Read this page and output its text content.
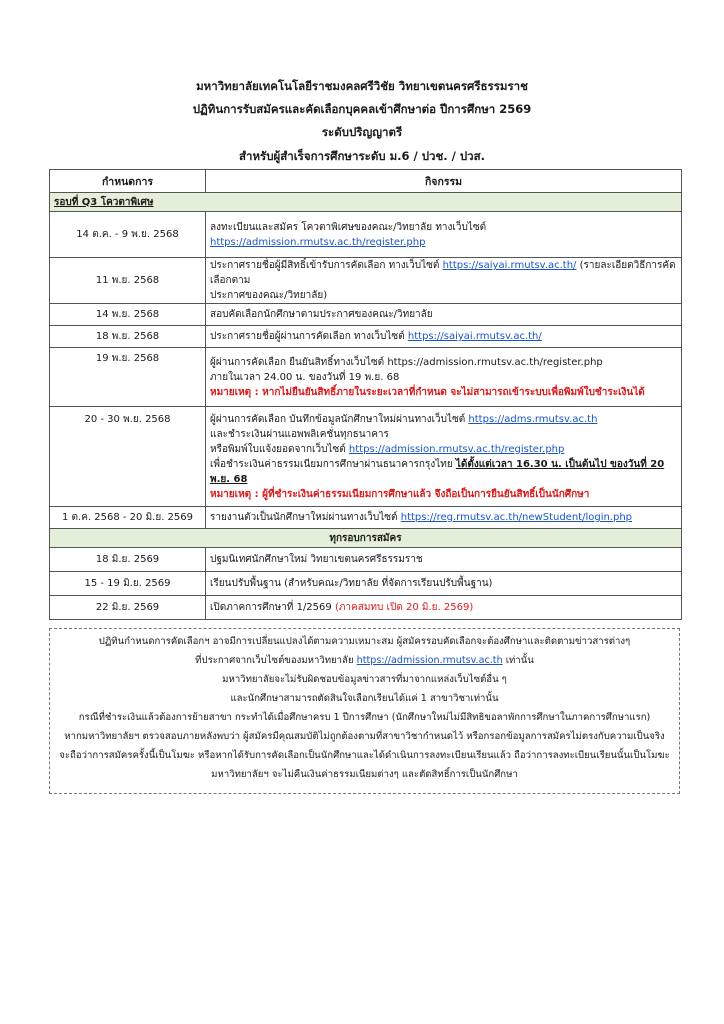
มหาวิทยาลัยเทคโนโลยีราชมงคลศรีวิชัย วิทยาเขตนครศรีธรรมราช
ปฏิทินการรับสมัครและคัดเลือกบุคคลเข้าศึกษาต่อ ปีการศึกษา 2569
ระดับปริญญาตรี
สำหรับผู้สำเร็จการศึกษาระดับ ม.6 / ปวช. / ปวส.
กำหนดการ	กิจกรรม
รอบที่ Q3 โควตาพิเศษ	
14 ต.ค. - 9 พ.ย. 2568	ลงทะเบียนและสมัคร โควตาพิเศษของคณะ/วิทยาลัย ทางเว็บไซต์ https://admission.rmutsv.ac.th/register.php
11 พ.ย. 2568	ประกาศรายชื่อผู้มีสิทธิ์เข้ารับการคัดเลือก ทางเว็บไซต์ https://saiyai.rmutsv.ac.th/ (รายละเอียดวิธีการคัดเลือกตาม
ประกาศของคณะ/วิทยาลัย)
14 พ.ย. 2568	สอบคัดเลือกนักศึกษาตามประกาศของคณะ/วิทยาลัย
18 พ.ย. 2568	ประกาศรายชื่อผู้ผ่านการคัดเลือก ทางเว็บไซต์ https://saiyai.rmutsv.ac.th/
19 พ.ย. 2568	ผู้ผ่านการคัดเลือก ยืนยันสิทธิ์ทางเว็บไซต์ https://admission.rmutsv.ac.th/register.php
ภายในเวลา 24.00 น. ของวันที่ 19 พ.ย. 68
หมายเหตุ : หากไม่ยืนยันสิทธิ์ภายในระยะเวลาที่กำหนด จะไม่สามารถเข้าระบบเพื่อพิมพ์ใบชำระเงินได้
20 - 30 พ.ย. 2568	ผู้ผ่านการคัดเลือก บันทึกข้อมูลนักศึกษาใหม่ผ่านทางเว็บไซต์ https://adms.rmutsv.ac.th
และชำระเงินผ่านแอพพลิเคชั่นทุกธนาคาร
หรือพิมพ์ใบแจ้งยอดจากเว็บไซต์ https://admission.rmutsv.ac.th/register.php
เพื่อชำระเงินค่าธรรมเนียมการศึกษาผ่านธนาคารกรุงไทย ได้ตั้งแต่เวลา 16.30 น. เป็นต้นไป ของวันที่ 20 พ.ย. 68
หมายเหตุ : ผู้ที่ชำระเงินค่าธรรมเนียมการศึกษาแล้ว จึงถือเป็นการยืนยันสิทธิ์เป็นนักศึกษา
1 ต.ค. 2568 - 20 มิ.ย. 2569	รายงานตัวเป็นนักศึกษาใหม่ผ่านทางเว็บไซต์ https://reg.rmutsv.ac.th/newStudent/login.php
ทุกรอบการสมัคร	
18 มิ.ย. 2569	ปฐมนิเทศนักศึกษาใหม่ วิทยาเขตนครศรีธรรมราช
15 - 19 มิ.ย. 2569	เรียนปรับพื้นฐาน (สำหรับคณะ/วิทยาลัย ที่จัดการเรียนปรับพื้นฐาน)
22 มิ.ย. 2569	เปิดภาคการศึกษาที่ 1/2569 (ภาคสมทบ เปิด 20 มิ.ย. 2569)
ปฏิทินกำหนดการคัดเลือกฯ อาจมีการเปลี่ยนแปลงได้ตามความเหมาะสม ผู้สมัครรอบคัดเลือกจะต้องศึกษาและติดตามข่าวสารต่างๆ
ที่ประกาศจากเว็บไซต์ของมหาวิทยาลัย https://admission.rmutsv.ac.th เท่านั้น
มหาวิทยาลัยจะไม่รับผิดชอบข้อมูลข่าวสารที่มาจากแหล่งเว็บไซต์อื่น ๆ
และนักศึกษาสามารถตัดสินใจเลือกเรียนได้แค่ 1 สาขาวิชาเท่านั้น
กรณีที่ชำระเงินแล้วต้องการย้ายสาขา กระทำได้เมื่อศึกษาครบ 1 ปีการศึกษา (นักศึกษาใหม่ไม่มีสิทธิขอลาพักการศึกษาในภาคการศึกษาแรก)
หากมหาวิทยาลัยฯ ตรวจสอบภายหลังพบว่า ผู้สมัครมีคุณสมบัติไม่ถูกต้องตามที่สาขาวิชากำหนดไว้ หรือกรอกข้อมูลการสมัครไม่ตรงกับความเป็นจริง
จะถือว่าการสมัครครั้งนี้เป็นโมฆะ หรือหากได้รับการคัดเลือกเป็นนักศึกษาและได้ดำเนินการลงทะเบียนเรียนแล้ว ถือว่าการลงทะเบียนเรียนนั้นเป็นโมฆะ
มหาวิทยาลัยฯ จะไม่คืนเงินค่าธรรมเนียมต่างๆ และตัดสิทธิ์การเป็นนักศึกษา
